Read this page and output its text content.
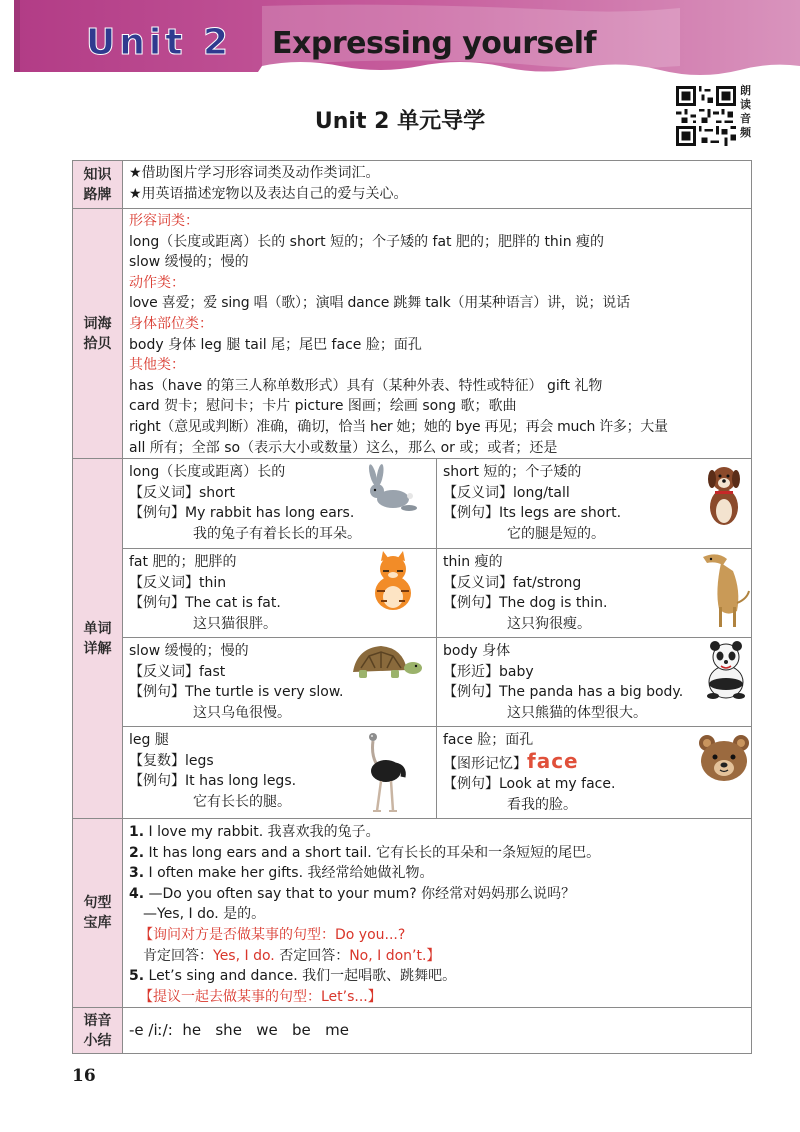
Unit 2 Expressing yourself
Unit 2 单元导学
朗读音频
知识路牌
★借助图片学习形容词类及动作类词汇。
★用英语描述宠物以及表达自己的爱与关心。
词海拾贝
形容词类：
long（长度或距离）长的 short 短的；个子矮的 fat 肥的；肥胖的 thin 瘦的
slow 缓慢的；慢的
动作类：
love 喜爱；爱 sing 唱（歌）；演唱 dance 跳舞 talk（用某种语言）讲，说；说话
身体部位类：
body 身体 leg 腿 tail 尾；尾巴 face 脸；面孔
其他类：
has（have 的第三人称单数形式）具有（某种外表、特性或特征） gift 礼物
card 贺卡；慰问卡；卡片 picture 图画；绘画 song 歌；歌曲
right（意见或判断）准确，确切，恰当 her 她；她的 bye 再见；再会 much 许多；大量
all 所有；全部 so（表示大小或数量）这么，那么 or 或；或者；还是
单词详解
long（长度或距离）长的
【反义词】short
【例句】My rabbit has long ears.
我的兔子有着长长的耳朵。
short 短的；个子矮的
【反义词】long/tall
【例句】Its legs are short.
它的腿是短的。
fat 肥的；肥胖的
【反义词】thin
【例句】The cat is fat.
这只猫很胖。
thin 瘦的
【反义词】fat/strong
【例句】The dog is thin.
这只狗很瘦。
slow 缓慢的；慢的
【反义词】fast
【例句】The turtle is very slow.
这只乌龟很慢。
body 身体
【形近】baby
【例句】The panda has a big body.
这只熊猫的体型很大。
leg 腿
【复数】legs
【例句】It has long legs.
它有长长的腿。
face 脸；面孔
【图形记忆】face
【例句】Look at my face.
看我的脸。
句型宝库
1. I love my rabbit. 我喜欢我的兔子。
2. It has long ears and a short tail. 它有长长的耳朵和一条短短的尾巴。
3. I often make her gifts. 我经常给她做礼物。
4. —Do you often say that to your mum? 你经常对妈妈那么说吗？
—Yes, I do. 是的。
【询问对方是否做某事的句型：Do you...?
肯定回答：Yes, I do. 否定回答：No, I don’t.】
5. Let’s sing and dance. 我们一起唱歌、跳舞吧。
【提议一起去做某事的句型：Let’s...】
语音小结
-e /iː/:  he   she   we   be   me
16
